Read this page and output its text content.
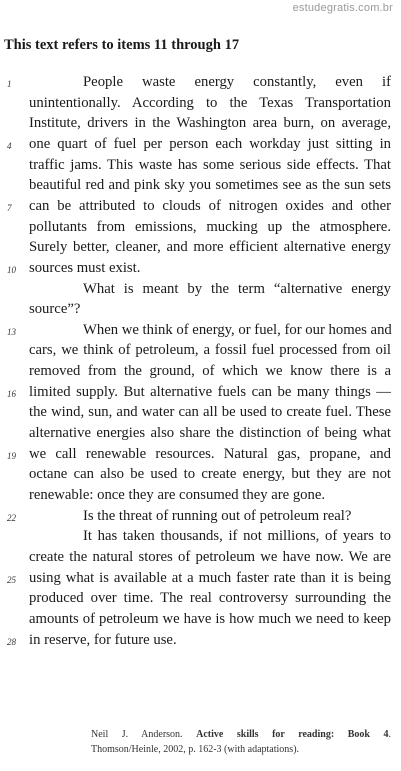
estudegratis.com.br
This text refers to items 11 through 17
People waste energy constantly, even if
1
unintentionally. According to the Texas Transportation
Institute, drivers in the Washington area burn, on average,
one quart of fuel per person each workday just sitting in
4
traffic jams. This waste has some serious side effects. That
beautiful red and pink sky you sometimes see as the sun sets
can be attributed to clouds of nitrogen oxides and other
7
pollutants from emissions, mucking up the atmosphere.
Surely better, cleaner, and more efficient alternative energy
sources must exist.
10
What is meant by the term “alternative energy
source”?
When we think of energy, or fuel, for our homes and
13
cars, we think of petroleum, a fossil fuel processed from oil
removed from the ground, of which we know there is a
limited supply. But alternative fuels can be many things —
16
the wind, sun, and water can all be used to create fuel. These
alternative energies also share the distinction of being what
we call renewable resources. Natural gas, propane, and
19
octane can also be used to create energy, but they are not
renewable: once they are consumed they are gone.
Is the threat of running out of petroleum real?
22
It has taken thousands, if not millions, of years to
create the natural stores of petroleum we have now. We are
using what is available at a much faster rate than it is being
25
produced over time. The real controversy surrounding the
amounts of petroleum we have is how much we need to keep
in reserve, for future use.
28
Neil J. Anderson. Active skills for reading: Book 4.
Thomson/Heinle, 2002, p. 162-3 (with adaptations).
